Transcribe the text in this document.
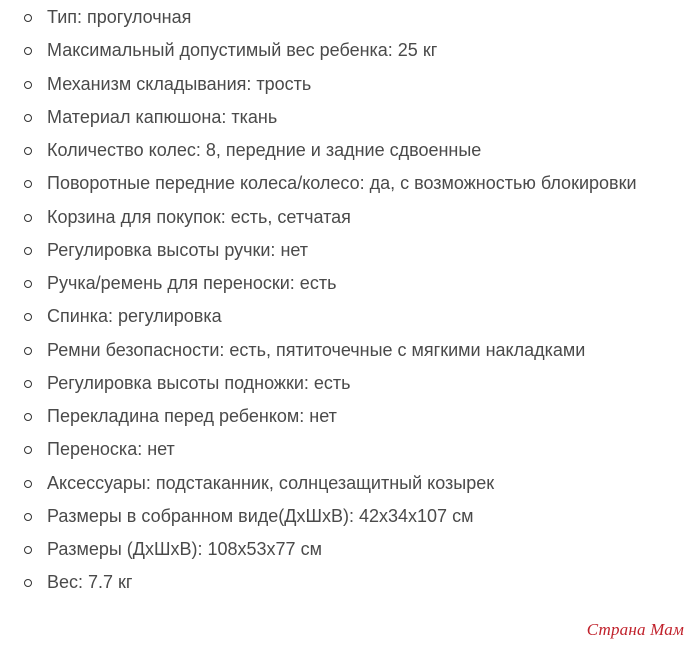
Тип: прогулочная
Максимальный допустимый вес ребенка: 25 кг
Механизм складывания: трость
Материал капюшона: ткань
Количество колес: 8, передние и задние сдвоенные
Поворотные передние колеса/колесо: да, с возможностью блокировки
Корзина для покупок: есть, сетчатая
Регулировка высоты ручки: нет
Ручка/ремень для переноски: есть
Спинка: регулировка
Ремни безопасности: есть, пятиточечные с мягкими накладками
Регулировка высоты подножки: есть
Перекладина перед ребенком: нет
Переноска: нет
Аксессуары: подстаканник, солнцезащитный козырек
Размеры в собранном виде(ДхШхВ): 42х34х107 см
Размеры (ДхШхВ): 108х53х77 см
Вес: 7.7 кг
Страна Мам
